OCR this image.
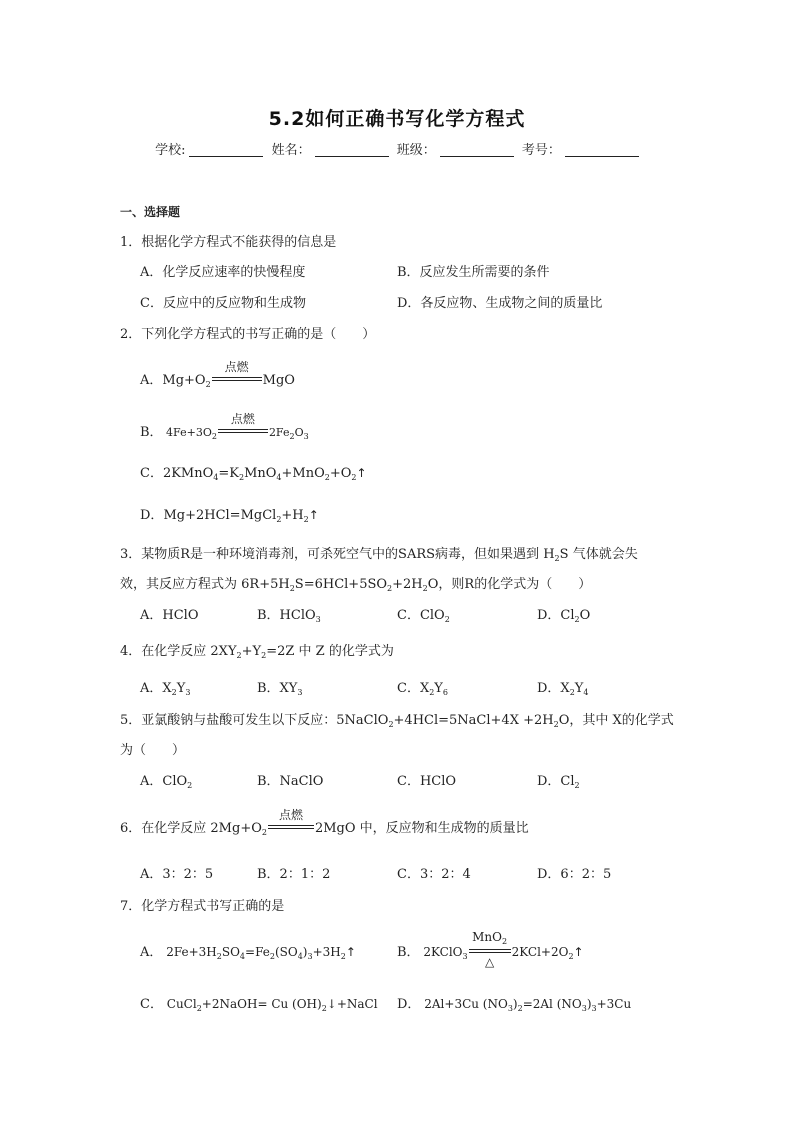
5.2如何正确书写化学方程式
学校:	姓名：	班级：	考号：
一、选择题
1．根据化学方程式不能获得的信息是
A．化学反应速率的快慢程度	B．反应发生所需要的条件
C．反应中的反应物和生成物	D．各反应物、生成物之间的质量比
2．下列化学方程式的书写正确的是（　　）
A．$Mg+O_2$
点燃
MgO
B． $4Fe+3O_2$
点燃
$2Fe_2O_3$
C．$2KMnO_4=K_2MnO_4+MnO_2+O_2↑$
D．$Mg+2HCl=MgCl_2+H_2↑$
3．某物质R是一种环境消毒剂，可杀死空气中的SARS病毒，但如果遇到 $H_2S$ 气体就会失
效，其反应方程式为 $6R+5H_2S=6HCl+5SO_2+2H_2O$，则R的化学式为（　　）
A．HClO	B．HClO$_3$	C．ClO$_2$	D．$Cl_2O$
4．在化学反应 $2XY_2+Y_2=2Z$ 中 Z 的化学式为
A．$X_2Y_3$	B．$XY_3$	C．$X_2Y_6$	D．$X_2Y_4$
5．亚氯酸钠与盐酸可发生以下反应：5NaClO$_2$+4HCl=5NaCl+4X $+2H_2O$，其中 X的化学式
为（　　）
A．ClO$_2$	B．NaClO	C．HClO	D．$Cl_2$
6．在化学反应 $2Mg+O_2$
点燃
2MgO 中，反应物和生成物的质量比
A．3：2：5	B．2：1：2	C．3：2：4	D．6：2：5
7．化学方程式书写正确的是
A． $2Fe+3H_2SO_4=Fe_2(SO_4)_3+3H_2↑$	B． 2KClO$_3$
MnO$_2$
△
$2KCl+2O_2↑$
C． CuCl$_2$+2NaOH= Cu $(OH)_2↓+NaCl$ D． 2Al+3Cu $(NO_3)_2=2Al$ $(NO_3)_3+3Cu$
